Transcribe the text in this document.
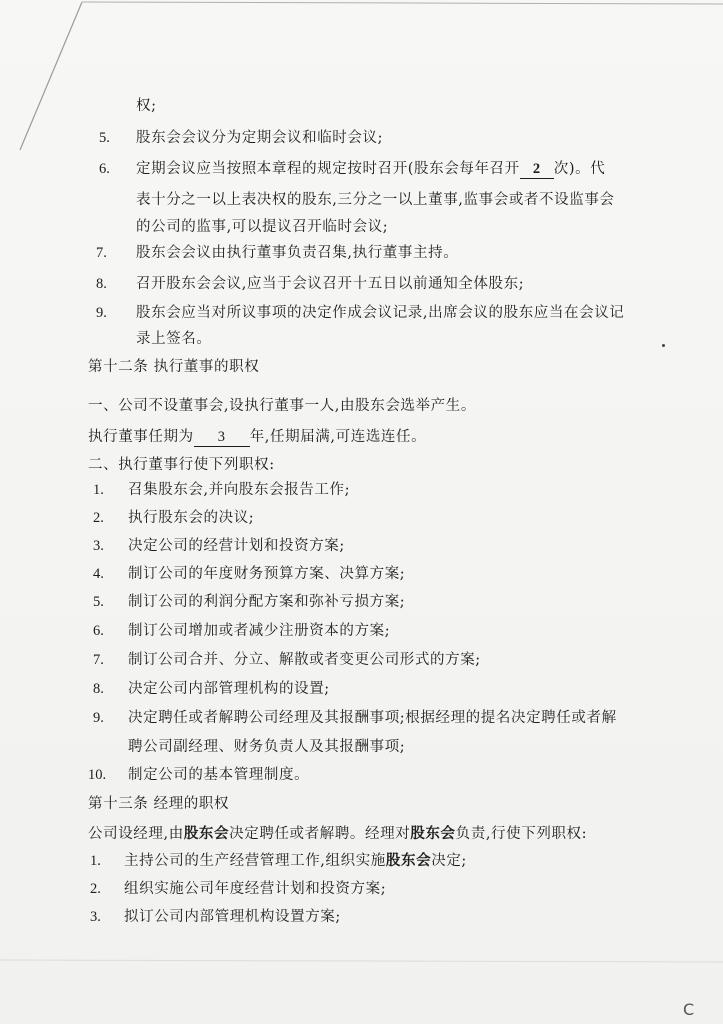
权;
5. 股东会会议分为定期会议和临时会议;
6. 定期会议应当按照本章程的规定按时召开(股东会每年召开 2 次)。代
表十分之一以上表决权的股东,三分之一以上董事,监事会或者不设监事会
的公司的监事,可以提议召开临时会议;
7. 股东会会议由执行董事负责召集,执行董事主持。
8. 召开股东会会议,应当于会议召开十五日以前通知全体股东;
9. 股东会应当对所议事项的决定作成会议记录,出席会议的股东应当在会议记
录上签名。
第十二条 执行董事的职权
一、公司不设董事会,设执行董事一人,由股东会选举产生。
执行董事任期为 3 年,任期届满,可连选连任。
二、执行董事行使下列职权:
1. 召集股东会,并向股东会报告工作;
2. 执行股东会的决议;
3. 决定公司的经营计划和投资方案;
4. 制订公司的年度财务预算方案、决算方案;
5. 制订公司的利润分配方案和弥补亏损方案;
6. 制订公司增加或者减少注册资本的方案;
7. 制订公司合并、分立、解散或者变更公司形式的方案;
8. 决定公司内部管理机构的设置;
9. 决定聘任或者解聘公司经理及其报酬事项;根据经理的提名决定聘任或者解
聘公司副经理、财务负责人及其报酬事项;
10. 制定公司的基本管理制度。
第十三条 经理的职权
公司设经理,由股东会决定聘任或者解聘。经理对股东会负责,行使下列职权:
1. 主持公司的生产经营管理工作,组织实施股东会决定;
2. 组织实施公司年度经营计划和投资方案;
3. 拟订公司内部管理机构设置方案;
C
